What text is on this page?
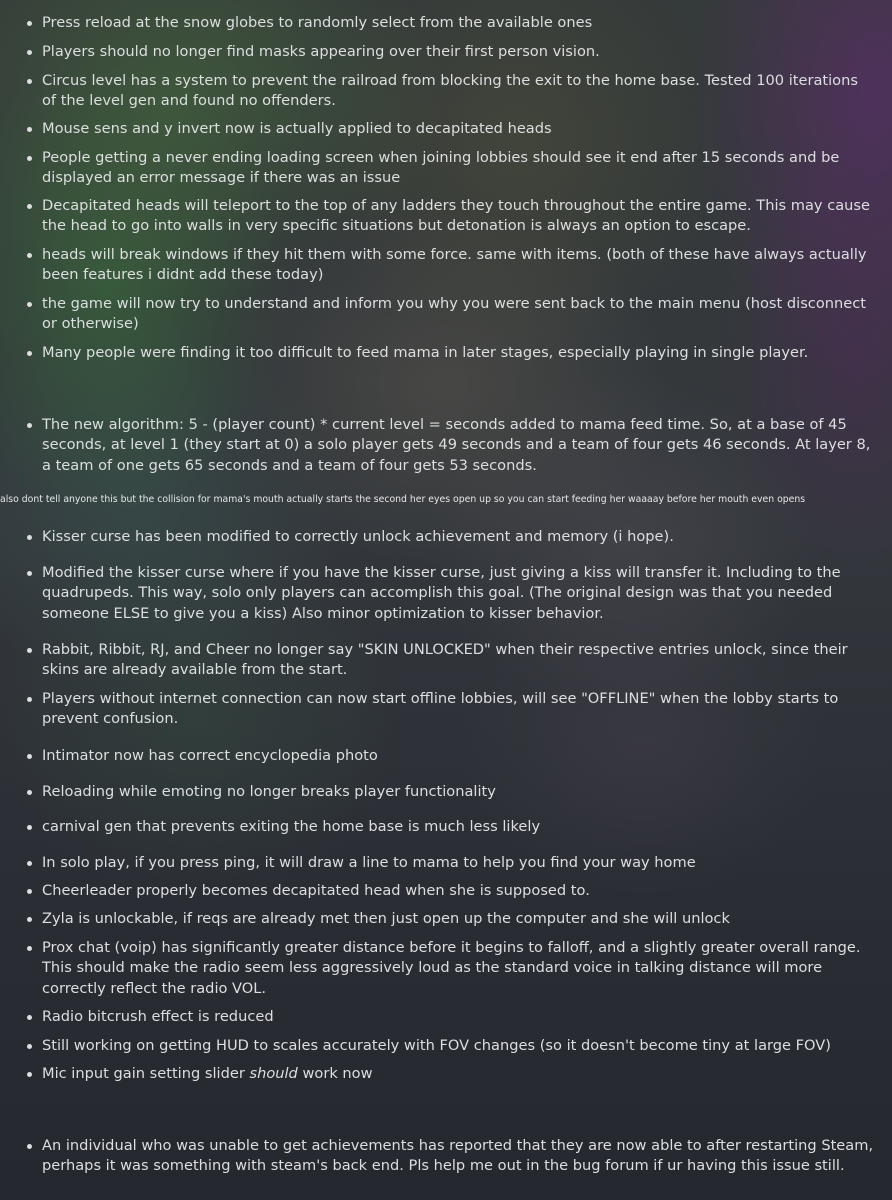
Press reload at the snow globes to randomly select from the available ones
Players should no longer find masks appearing over their first person vision.
Circus level has a system to prevent the railroad from blocking the exit to the home base. Tested 100 iterations of the level gen and found no offenders.
Mouse sens and y invert now is actually applied to decapitated heads
People getting a never ending loading screen when joining lobbies should see it end after 15 seconds and be displayed an error message if there was an issue
Decapitated heads will teleport to the top of any ladders they touch throughout the entire game. This may cause the head to go into walls in very specific situations but detonation is always an option to escape.
heads will break windows if they hit them with some force. same with items. (both of these have always actually been features i didnt add these today)
the game will now try to understand and inform you why you were sent back to the main menu (host disconnect or otherwise)
Many people were finding it too difficult to feed mama in later stages, especially playing in single player.
The new algorithm: 5 - (player count) * current level = seconds added to mama feed time. So, at a base of 45 seconds, at level 1 (they start at 0) a solo player gets 49 seconds and a team of four gets 46 seconds. At layer 8, a team of one gets 65 seconds and a team of four gets 53 seconds.
also dont tell anyone this but the collision for mama's mouth actually starts the second her eyes open up so you can start feeding her waaaay before her mouth even opens
Kisser curse has been modified to correctly unlock achievement and memory (i hope).
Modified the kisser curse where if you have the kisser curse, just giving a kiss will transfer it. Including to the quadrupeds. This way, solo only players can accomplish this goal. (The original design was that you needed someone ELSE to give you a kiss) Also minor optimization to kisser behavior.
Rabbit, Ribbit, RJ, and Cheer no longer say "SKIN UNLOCKED" when their respective entries unlock, since their skins are already available from the start.
Players without internet connection can now start offline lobbies, will see "OFFLINE" when the lobby starts to prevent confusion.
Intimator now has correct encyclopedia photo
Reloading while emoting no longer breaks player functionality
carnival gen that prevents exiting the home base is much less likely
In solo play, if you press ping, it will draw a line to mama to help you find your way home
Cheerleader properly becomes decapitated head when she is supposed to.
Zyla is unlockable, if reqs are already met then just open up the computer and she will unlock
Prox chat (voip) has significantly greater distance before it begins to falloff, and a slightly greater overall range. This should make the radio seem less aggressively loud as the standard voice in talking distance will more correctly reflect the radio VOL.
Radio bitcrush effect is reduced
Still working on getting HUD to scales accurately with FOV changes (so it doesn't become tiny at large FOV)
Mic input gain setting slider should work now
An individual who was unable to get achievements has reported that they are now able to after restarting Steam, perhaps it was something with steam's back end. Pls help me out in the bug forum if ur having this issue still.
